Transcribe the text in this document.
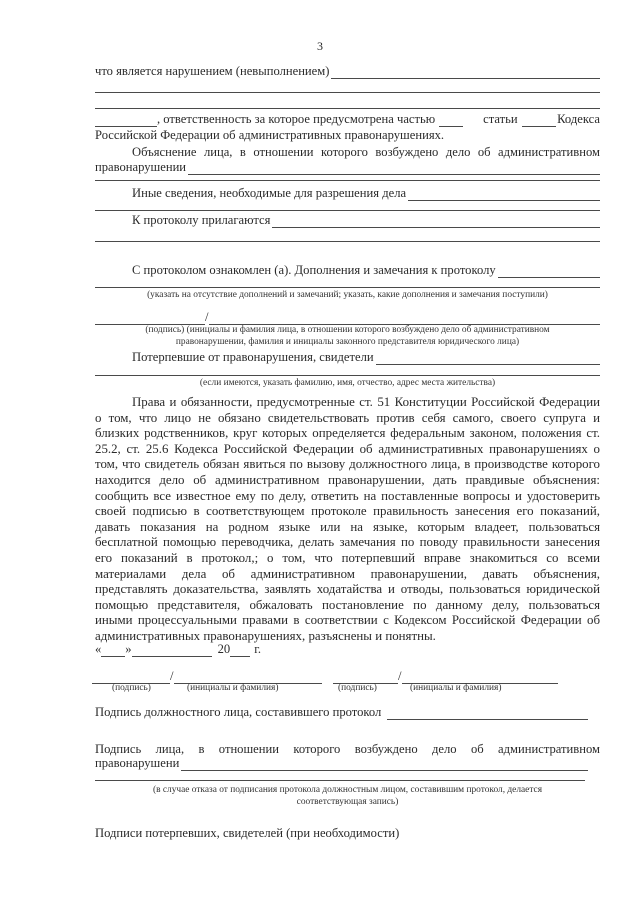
3
что является нарушением (невыполнением)
, ответственность за которое предусмотрена частью	статьи	Кодекса
Российской Федерации об административных правонарушениях.
Объяснение лица, в отношении которого возбуждено дело об административном
правонарушении
Иные сведения, необходимые для разрешения дела
К протоколу прилагаются
С протоколом ознакомлен (а). Дополнения и замечания к протоколу
(указать на отсутствие дополнений и замечаний; указать, какие дополнения и замечания поступили)
/
(подпись) (инициалы и фамилия лица, в отношении которого возбуждено дело об административном
правонарушении, фамилия и инициалы законного представителя юридического лица)
Потерпевшие от правонарушения, свидетели
(если имеются, указать фамилию, имя, отчество, адрес места жительства)
Права и обязанности, предусмотренные ст. 51 Конституции Российской Федерации
о том, что лицо не обязано свидетельствовать против себя самого, своего супруга и
близких родственников, круг которых определяется федеральным законом, положения ст.
25.2, ст. 25.6 Кодекса Российской Федерации об административных правонарушениях о
том, что свидетель обязан явиться по вызову должностного лица, в производстве которого
находится дело об административном правонарушении, дать правдивые объяснения:
сообщить все известное ему по делу, ответить на поставленные вопросы и удостоверить
своей подписью в соответствующем протоколе правильность занесения его показаний,
давать показания на родном языке или на языке, которым владеет, пользоваться
бесплатной помощью переводчика, делать замечания по поводу правильности занесения
его показаний в протокол,; о том, что потерпевший вправе знакомиться со всеми
материалами дела об административном правонарушении, давать объяснения,
представлять доказательства, заявлять ходатайства и отводы, пользоваться юридической
помощью представителя, обжаловать постановление по данному делу, пользоваться
иными процессуальными правами в соответствии с Кодексом Российской Федерации об
административных правонарушениях, разъяснены и понятны.
« »	20 г.
/	/
(подпись)	(инициалы и фамилия)	(подпись)	(инициалы и фамилия)
Подпись должностного лица, составившего протокол
Подпись лица, в отношении которого возбуждено дело об административном
правонарушени
(в случае отказа от подписания протокола должностным лицом, составившим протокол, делается
соответствующая запись)
Подписи потерпевших, свидетелей (при необходимости)
